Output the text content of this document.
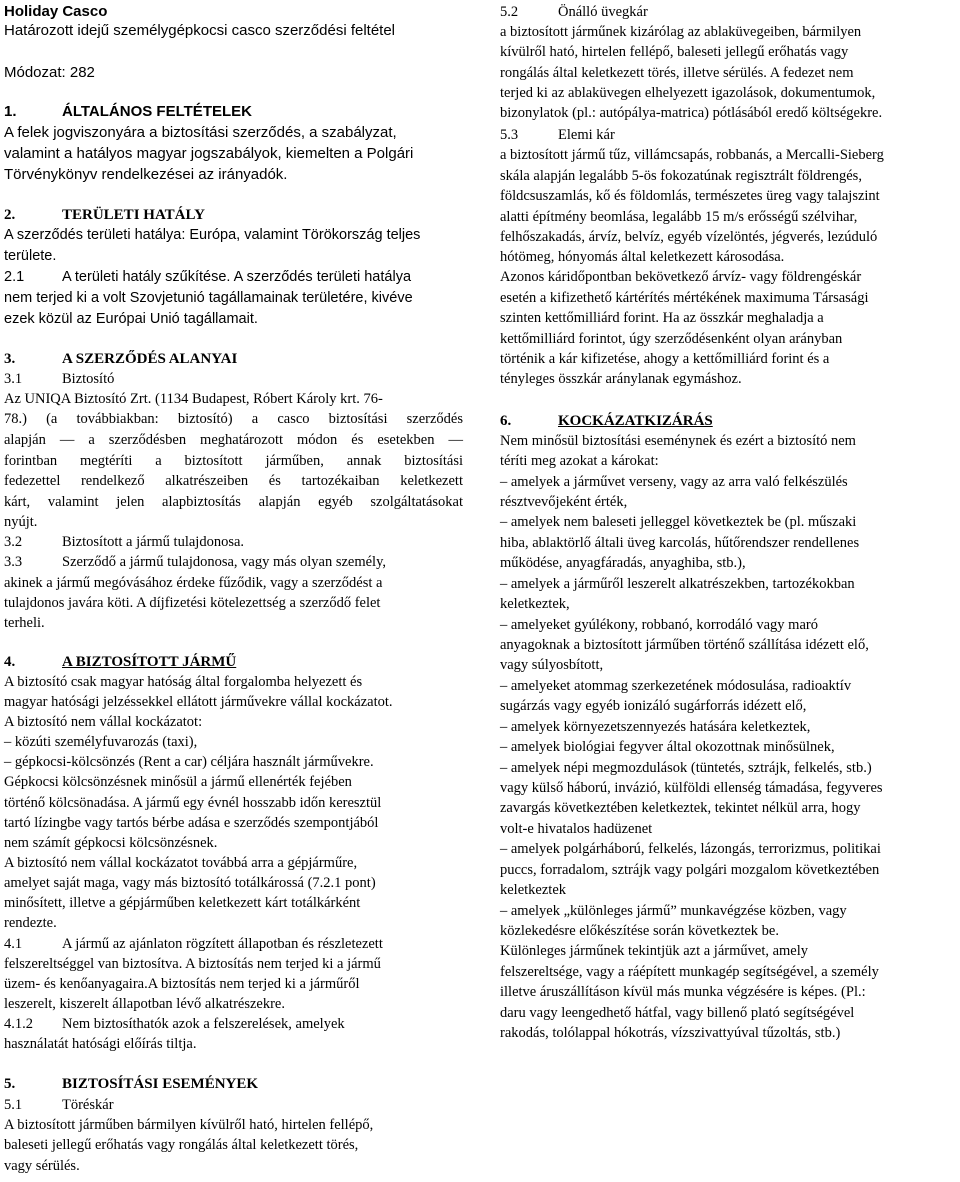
Holiday Casco
Határozott idejű személygépkocsi casco szerződési feltétel
Módozat: 282
1.	ÁLTALÁNOS FELTÉTELEK
A felek jogviszonyára a biztosítási szerződés, a szabályzat,
valamint a hatályos magyar jogszabályok, kiemelten a Polgári
Törvénykönyv rendelkezései az irányadók.
2.	TERÜLETI HATÁLY
A szerződés területi hatálya: Európa, valamint Törökország teljes
területe.
2.1	A területi hatály szűkítése. A szerződés területi hatálya
nem terjed ki a volt Szovjetunió tagállamainak területére, kivéve
ezek közül az Európai Unió tagállamait.
3.	A SZERZŐDÉS ALANYAI
3.1	Biztosító
Az UNIQA Biztosító Zrt. (1134 Budapest, Róbert Károly krt. 76-
78.) (a továbbiakban: biztosító) a casco biztosítási szerződés
alapján — a szerződésben meghatározott módon és esetekben —
forintban megtéríti a biztosított járműben, annak biztosítási
fedezettel rendelkező alkatrészeiben és tartozékaiban keletkezett
kárt, valamint jelen alapbiztosítás alapján egyéb szolgáltatásokat
nyújt.
3.2	Biztosított a jármű tulajdonosa.
3.3	Szerződő a jármű tulajdonosa, vagy más olyan személy,
akinek a jármű megóvásához érdeke fűződik, vagy a szerződést a
tulajdonos javára köti. A díjfizetési kötelezettség a szerződő felet
terheli.
4.	A BIZTOSÍTOTT JÁRMŰ
A biztosító csak magyar hatóság által forgalomba helyezett és
magyar hatósági jelzéssekkel ellátott járművekre vállal kockázatot.
A biztosító nem vállal kockázatot:
– közúti személyfuvarozás (taxi),
– gépkocsi-kölcsönzés (Rent a car) céljára használt járművekre.
Gépkocsi kölcsönzésnek minősül a jármű ellenérték fejében
történő kölcsönadása. A jármű egy évnél hosszabb időn keresztül
tartó lízingbe vagy tartós bérbe adása e szerződés szempontjából
nem számít gépkocsi kölcsönzésnek.
A biztosító nem vállal kockázatot továbbá arra a gépjárműre,
amelyet saját maga, vagy más biztosító totálkárossá (7.2.1 pont)
minősített, illetve a gépjárműben keletkezett kárt totálkárként
rendezte.
4.1	A jármű az ajánlaton rögzített állapotban és részletezett
felszereltséggel van biztosítva. A biztosítás nem terjed ki a jármű
üzem- és kenőanyagaira.A biztosítás nem terjed ki a járműről
leszerelt, kiszerelt állapotban lévő alkatrészekre.
4.1.2 Nem biztosíthatók azok a felszerelések, amelyek
használatát hatósági előírás tiltja.
5.	BIZTOSÍTÁSI ESEMÉNYEK
5.1	Töréskár
A biztosított járműben bármilyen kívülről ható, hirtelen fellépő,
baleseti jellegű erőhatás vagy rongálás által keletkezett törés,
vagy sérülés.
5.2	Önálló üvegkár
a biztosított járműnek kizárólag az ablaküvegeiben, bármilyen
kívülről ható, hirtelen fellépő, baleseti jellegű erőhatás vagy
rongálás által keletkezett törés, illetve sérülés. A fedezet nem
terjed ki az ablaküvegen elhelyezett igazolások, dokumentumok,
bizonylatok (pl.: autópálya-matrica) pótlásából eredő költségekre.
5.3	Elemi kár
a biztosított jármű tűz, villámcsapás, robbanás, a Mercalli-Sieberg
skála alapján legalább 5-ös fokozatúnak regisztrált földrengés,
földcsuszamlás, kő és földomlás, természetes üreg vagy talajszint
alatti építmény beomlása, legalább 15 m/s erősségű szélvihar,
felhőszakadás, árvíz, belvíz, egyéb vízelöntés, jégverés, lezúduló
hótömeg, hónyomás által keletkezett károsodása.
Azonos káridőpontban bekövetkező árvíz- vagy földrengéskár
esetén a kifizethető kártérítés mértékének maximuma Társasági
szinten kettőmilliárd forint. Ha az összkár meghaladja a
kettőmilliárd forintot, úgy szerződésenként olyan arányban
történik a kár kifizetése, ahogy a kettőmilliárd forint és a
tényleges összkár aránylanak egymáshoz.
6.	KOCKÁZATKIZÁRÁS
Nem minősül biztosítási eseménynek és ezért a biztosító nem
téríti meg azokat a károkat:
– amelyek a járművet verseny, vagy az arra való felkészülés
résztvevőjeként érték,
– amelyek nem baleseti jelleggel következtek be (pl. műszaki
hiba, ablaktörlő általi üveg karcolás, hűtőrendszer rendellenes
működése, anyagfáradás, anyaghiba, stb.),
– amelyek a járműről leszerelt alkatrészekben, tartozékokban
keletkeztek,
– amelyeket gyúlékony, robbanó, korrodáló vagy maró
anyagoknak a biztosított járműben történő szállítása idézett elő,
vagy súlyosbított,
– amelyeket atommag szerkezetének módosulása, radioaktív
sugárzás vagy egyéb ionizáló sugárforrás idézett elő,
– amelyek környezetszennyezés hatására keletkeztek,
– amelyek biológiai fegyver által okozottnak minősülnek,
– amelyek népi megmozdulások (tüntetés, sztrájk, felkelés, stb.)
vagy külső háború, invázió, külföldi ellenség támadása, fegyveres
zavargás következtében keletkeztek, tekintet nélkül arra, hogy
volt-e hivatalos hadüzenet
– amelyek polgárháború, felkelés, lázongás, terrorizmus, politikai
puccs, forradalom, sztrájk vagy polgári mozgalom következtében
keletkeztek
– amelyek „különleges jármű” munkavégzése közben, vagy
közlekedésre előkészítése során következtek be.
Különleges járműnek tekintjük azt a járművet, amely
felszereltsége, vagy a ráépített munkagép segítségével, a személy
illetve áruszállításon kívül más munka végzésére is képes. (Pl.:
daru vagy leengedhető hátfal, vagy billenő plató segítségével
rakodás, tolólappal hókotrás, vízszivattyúval tűzoltás, stb.)
